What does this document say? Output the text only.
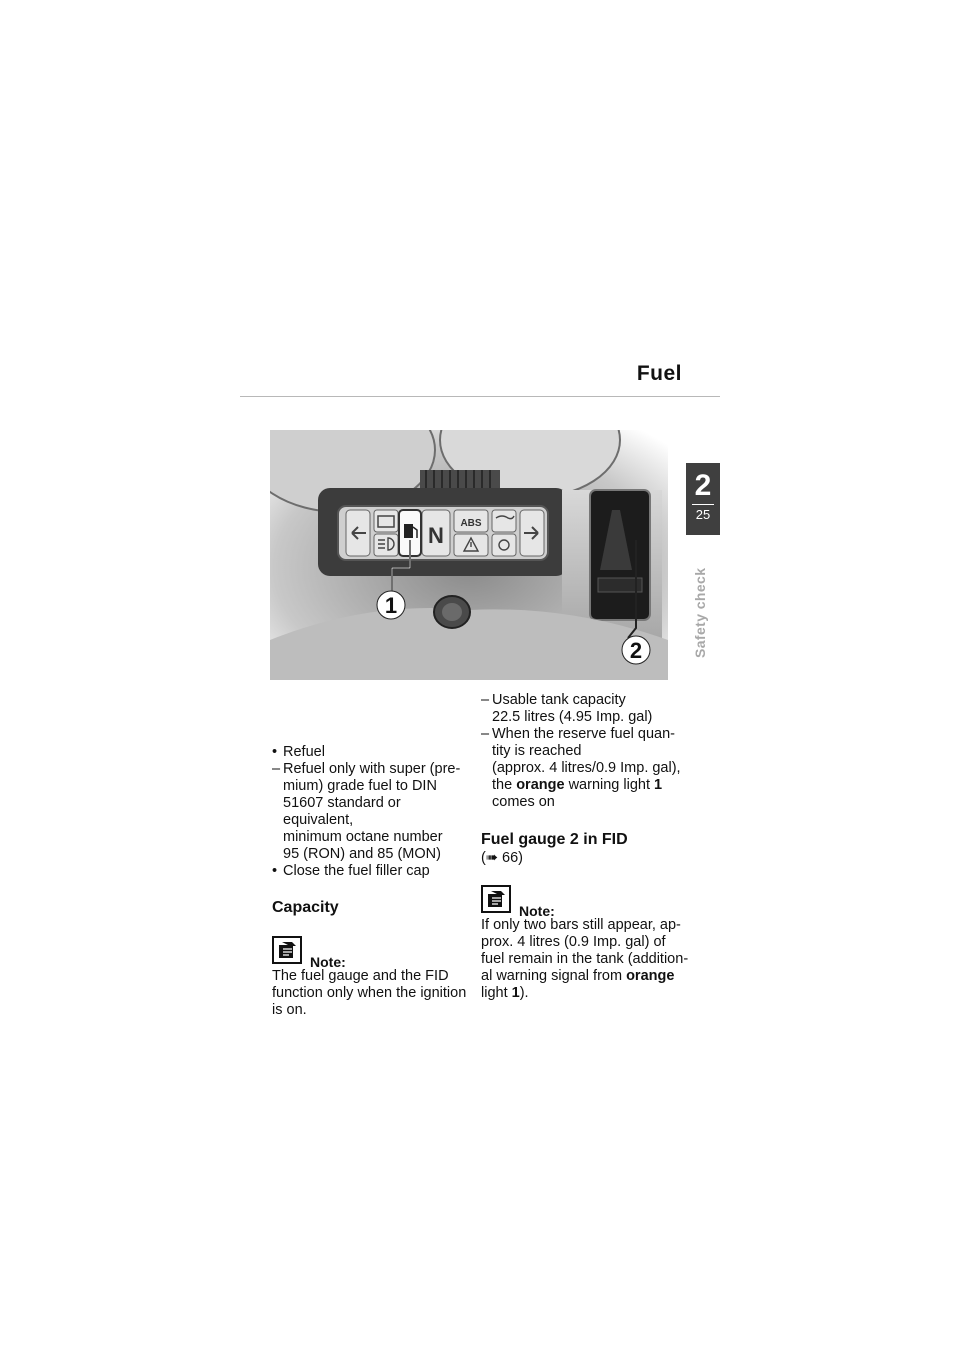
Fuel
2
25
Safety check
N ABS
1
2

• Refuel

– Refuel only with super (pre-
mium) grade fuel to DIN
51607 standard or equivalent,
minimum octane number
95 (RON) and 85 (MON)

• Close the fuel filler cap

Capacity
Note:

The fuel gauge and the FID
function only when the ignition
is on.

– Usable tank capacity
22.5 litres (4.95 Imp. gal)

– When the reserve fuel quan-
tity is reached
(approx. 4 litres/0.9 Imp. gal),
the orange warning light 1
comes on

Fuel gauge 2 in FID

(➠ 66)

Note:

If only two bars still appear, ap-
prox. 4 litres (0.9 Imp. gal) of
fuel remain in the tank (addition-
al warning signal from orange
light 1).
